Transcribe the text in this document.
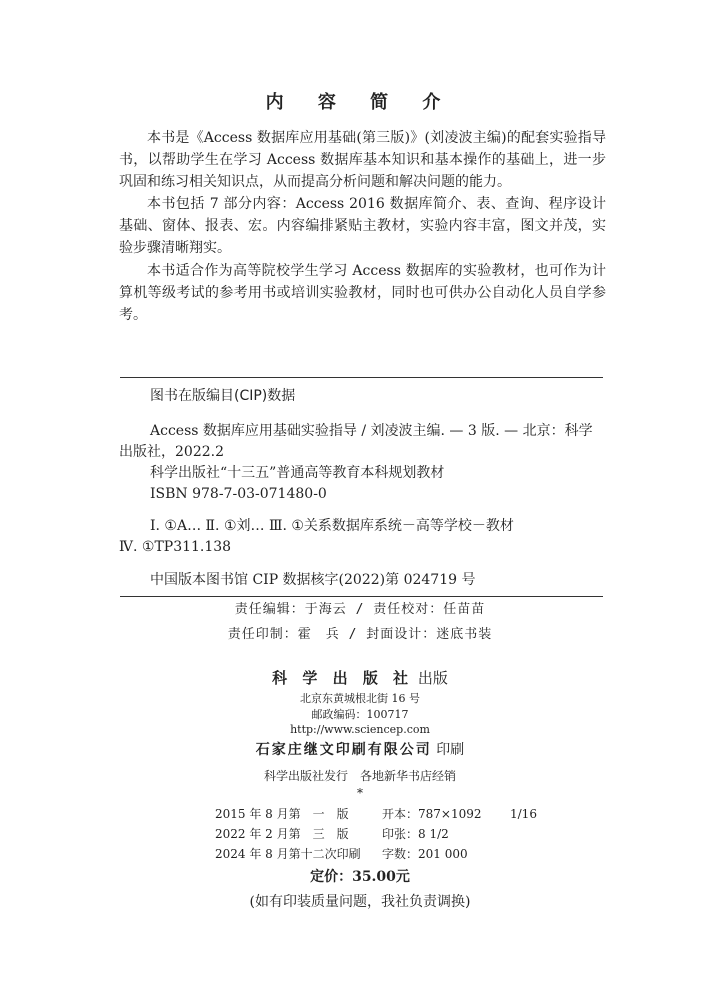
内 容 简 介

本书是《Access 数据库应用基础(第三版)》(刘凌波主编)的配套实验指导书，以帮助学生在学习 Access 数据库基本知识和基本操作的基础上，进一步巩固和练习相关知识点，从而提高分析问题和解决问题的能力。

本书包括 7 部分内容：Access 2016 数据库简介、表、查询、程序设计基础、窗体、报表、宏。内容编排紧贴主教材，实验内容丰富，图文并茂，实验步骤清晰翔实。

本书适合作为高等院校学生学习 Access 数据库的实验教材，也可作为计算机等级考试的参考用书或培训实验教材，同时也可供办公自动化人员自学参考。

图书在版编目(CIP)数据
Access 数据库应用基础实验指导 / 刘凌波主编. — 3 版. — 北京：科学
出版社，2022.2
科学出版社“十三五”普通高等教育本科规划教材
ISBN 978-7-03-071480-0
Ⅰ. ①A… Ⅱ. ①刘… Ⅲ. ①关系数据库系统－高等学校－教材
Ⅳ. ①TP311.138
中国版本图书馆 CIP 数据核字(2022)第 024719 号
责任编辑：于海云 / 责任校对：任苗苗
责任印制：霍　兵 / 封面设计：迷底书装
科 学 出 版 社 出版
北京东黄城根北街 16 号
邮政编码：100717
http://www.sciencep.com
石家庄继文印刷有限公司 印刷
科学出版社发行　各地新华书店经销
*
2015 年 8 月第　一　版	开本：787×1092	1/16
2022 年 2 月第　三　版	印张：8 1/2	
2024 年 8 月第十二次印刷	字数：201 000	
定价：35.00元
(如有印装质量问题，我社负责调换)
